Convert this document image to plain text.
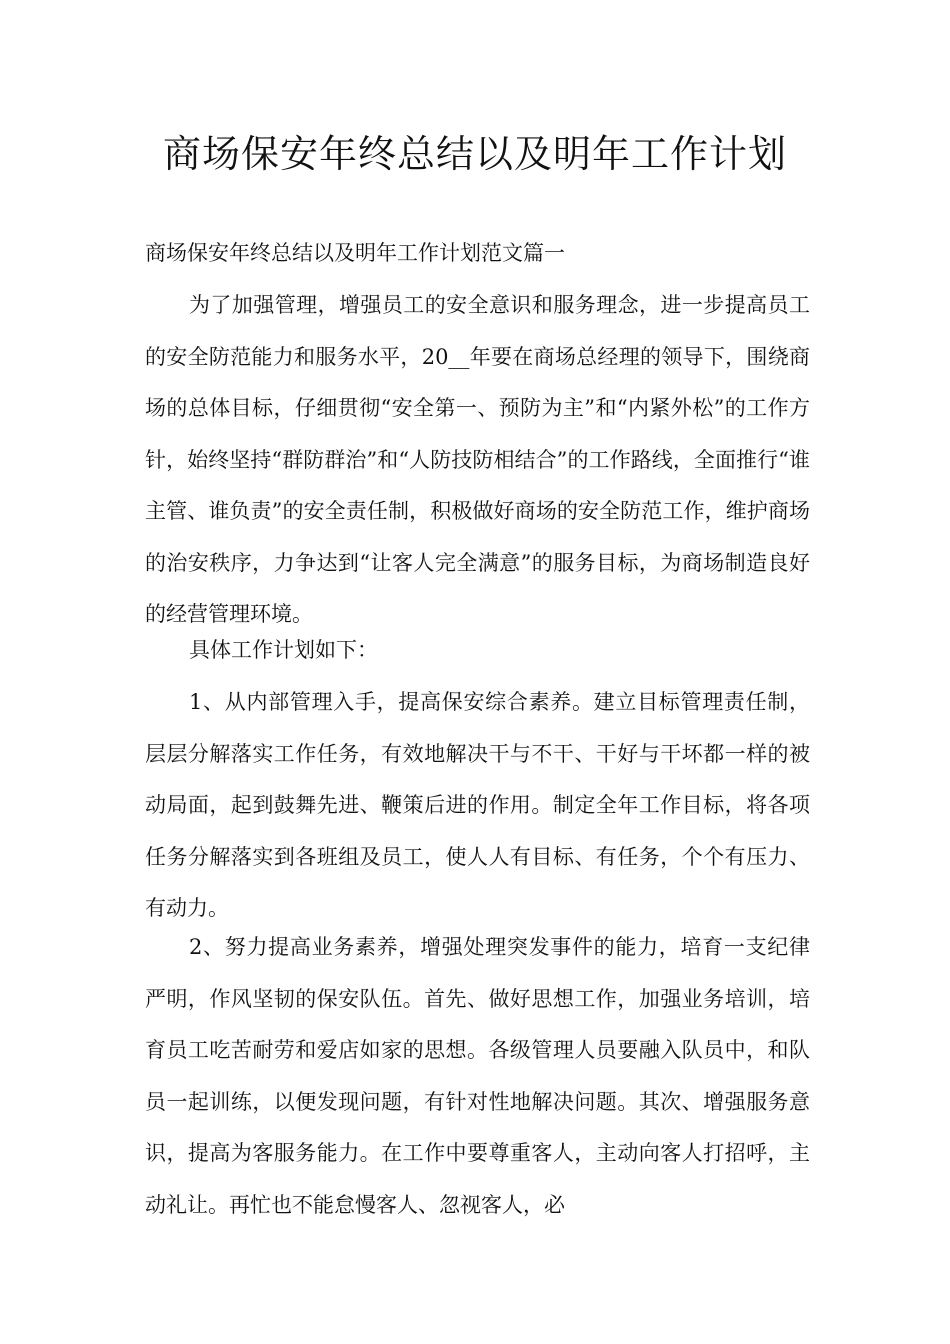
商场保安年终总结以及明年工作计划

商场保安年终总结以及明年工作计划范文篇一

为了加强管理，增强员工的安全意识和服务理念，进一步提高员工的安全防范能力和服务水平，20__年要在商场总经理的领导下，围绕商场的总体目标，仔细贯彻“安全第一、预防为主”和“内紧外松”的工作方针，始终坚持“群防群治”和“人防技防相结合”的工作路线，全面推行“谁主管、谁负责”的安全责任制，积极做好商场的安全防范工作，维护商场的治安秩序，力争达到“让客人完全满意”的服务目标，为商场制造良好的经营管理环境。

具体工作计划如下：

1、从内部管理入手，提高保安综合素养。建立目标管理责任制，层层分解落实工作任务，有效地解决干与不干、干好与干坏都一样的被动局面，起到鼓舞先进、鞭策后进的作用。制定全年工作目标，将各项任务分解落实到各班组及员工，使人人有目标、有任务，个个有压力、有动力。

2、努力提高业务素养，增强处理突发事件的能力，培育一支纪律严明，作风坚韧的保安队伍。首先、做好思想工作，加强业务培训，培育员工吃苦耐劳和爱店如家的思想。各级管理人员要融入队员中，和队员一起训练，以便发现问题，有针对性地解决问题。其次、增强服务意识，提高为客服务能力。在工作中要尊重客人，主动向客人打招呼，主动礼让。再忙也不能怠慢客人、忽视客人，必
